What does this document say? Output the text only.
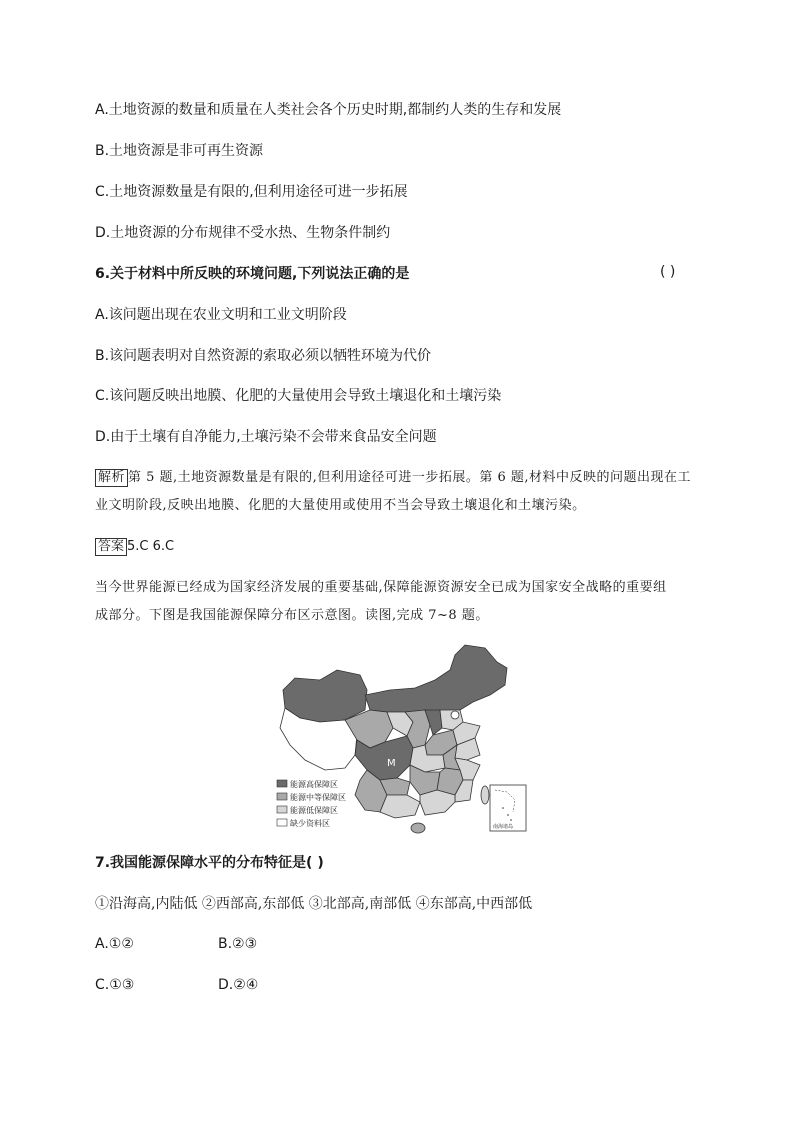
A.土地资源的数量和质量在人类社会各个历史时期,都制约人类的生存和发展
B.土地资源是非可再生资源
C.土地资源数量是有限的,但利用途径可进一步拓展
D.土地资源的分布规律不受水热、生物条件制约
6.关于材料中所反映的环境问题,下列说法正确的是	( )
A.该问题出现在农业文明和工业文明阶段
B.该问题表明对自然资源的索取必须以牺牲环境为代价
C.该问题反映出地膜、化肥的大量使用会导致土壤退化和土壤污染
D.由于土壤有自净能力,土壤污染不会带来食品安全问题
解析 第 5 题,土地资源数量是有限的,但利用途径可进一步拓展。第 6 题,材料中反映的问题出现在工
业文明阶段,反映出地膜、化肥的大量使用或使用不当会导致土壤退化和土壤污染。
答案 5.C 6.C
当今世界能源已经成为国家经济发展的重要基础,保障能源资源安全已成为国家安全战略的重要组
成部分。下图是我国能源保障分布区示意图。读图,完成 7~8 题。
M
能源高保障区
能源中等保障区
能源低保障区
缺少资料区	南海诸岛
7.我国能源保障水平的分布特征是( )
①沿海高,内陆低 ②西部高,东部低 ③北部高,南部低 ④东部高,中西部低
A.①②	B.②③
C.①③	D.②④
